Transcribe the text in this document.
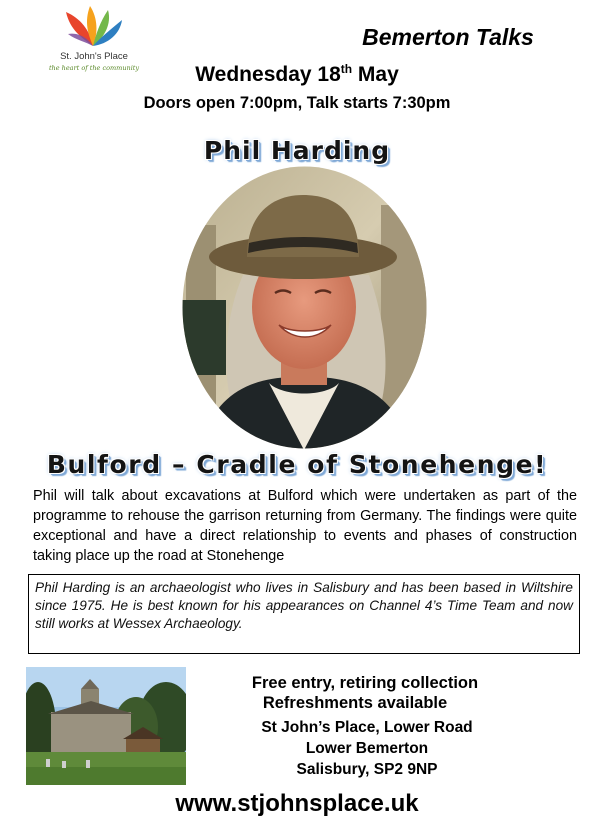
St. John's Place
the heart of the community
Bemerton Talks
Wednesday 18th May
Doors open 7:00pm, Talk starts 7:30pm
Phil Harding
Bulford – Cradle of Stonehenge!
Phil will talk about excavations at Bulford which were undertaken as part of the programme to rehouse the garrison returning from Germany. The findings were quite exceptional and have a direct relationship to events and phases of construction taking place up the road at Stonehenge
Phil Harding is an archaeologist who lives in Salisbury and has been based in Wiltshire since 1975. He is best known for his appearances on Channel 4’s Time Team and now still works at Wessex Archaeology.
Free entry, retiring collection
Refreshments available
St John’s Place, Lower Road
Lower Bemerton
Salisbury, SP2 9NP
www.stjohnsplace.uk
